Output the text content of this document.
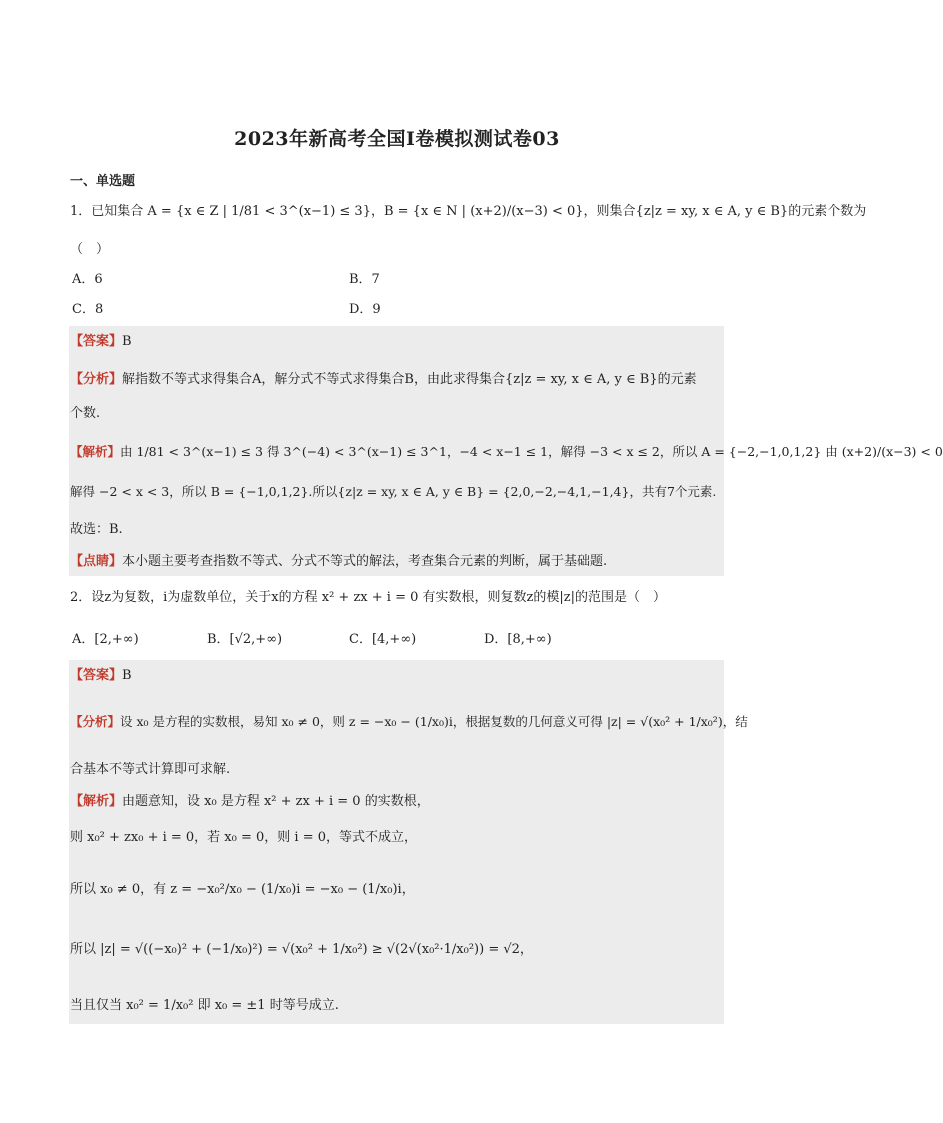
2023年新高考全国Ⅰ卷模拟测试卷03
一、单选题
1．已知集合 A = {x ∈ Z | 1/81 < 3^(x−1) ≤ 3}，B = {x ∈ N | (x+2)/(x−3) < 0}，则集合{z|z = xy, x ∈ A, y ∈ B}的元素个数为
（　）
A．6	B．7
C．8	D．9
【答案】B
【分析】解指数不等式求得集合A，解分式不等式求得集合B，由此求得集合{z|z = xy, x ∈ A, y ∈ B}的元素
个数.
【解析】由 1/81 < 3^(x−1) ≤ 3 得 3^(−4) < 3^(x−1) ≤ 3^1，−4 < x−1 ≤ 1，解得 −3 < x ≤ 2，所以 A = {−2,−1,0,1,2} 由 (x+2)/(x−3) < 0
解得 −2 < x < 3，所以 B = {−1,0,1,2}.所以{z|z = xy, x ∈ A, y ∈ B} = {2,0,−2,−4,1,−1,4}，共有7个元素.
故选：B.
【点睛】本小题主要考查指数不等式、分式不等式的解法，考查集合元素的判断，属于基础题.
2．设z为复数，i为虚数单位，关于x的方程 x² + zx + i = 0 有实数根，则复数z的模|z|的范围是（　）
A．[2,+∞)	B．[√2,+∞)	C．[4,+∞)	D．[8,+∞)
【答案】B
【分析】设 x₀ 是方程的实数根，易知 x₀ ≠ 0，则 z = −x₀ − (1/x₀)i，根据复数的几何意义可得 |z| = √(x₀² + 1/x₀²)，结
合基本不等式计算即可求解.
【解析】由题意知，设 x₀ 是方程 x² + zx + i = 0 的实数根，
则 x₀² + zx₀ + i = 0，若 x₀ = 0，则 i = 0，等式不成立，
所以 x₀ ≠ 0，有 z = −x₀²/x₀ − (1/x₀)i = −x₀ − (1/x₀)i，
所以 |z| = √((−x₀)² + (−1/x₀)²) = √(x₀² + 1/x₀²) ≥ √(2√(x₀²·1/x₀²)) = √2，
当且仅当 x₀² = 1/x₀² 即 x₀ = ±1 时等号成立.
